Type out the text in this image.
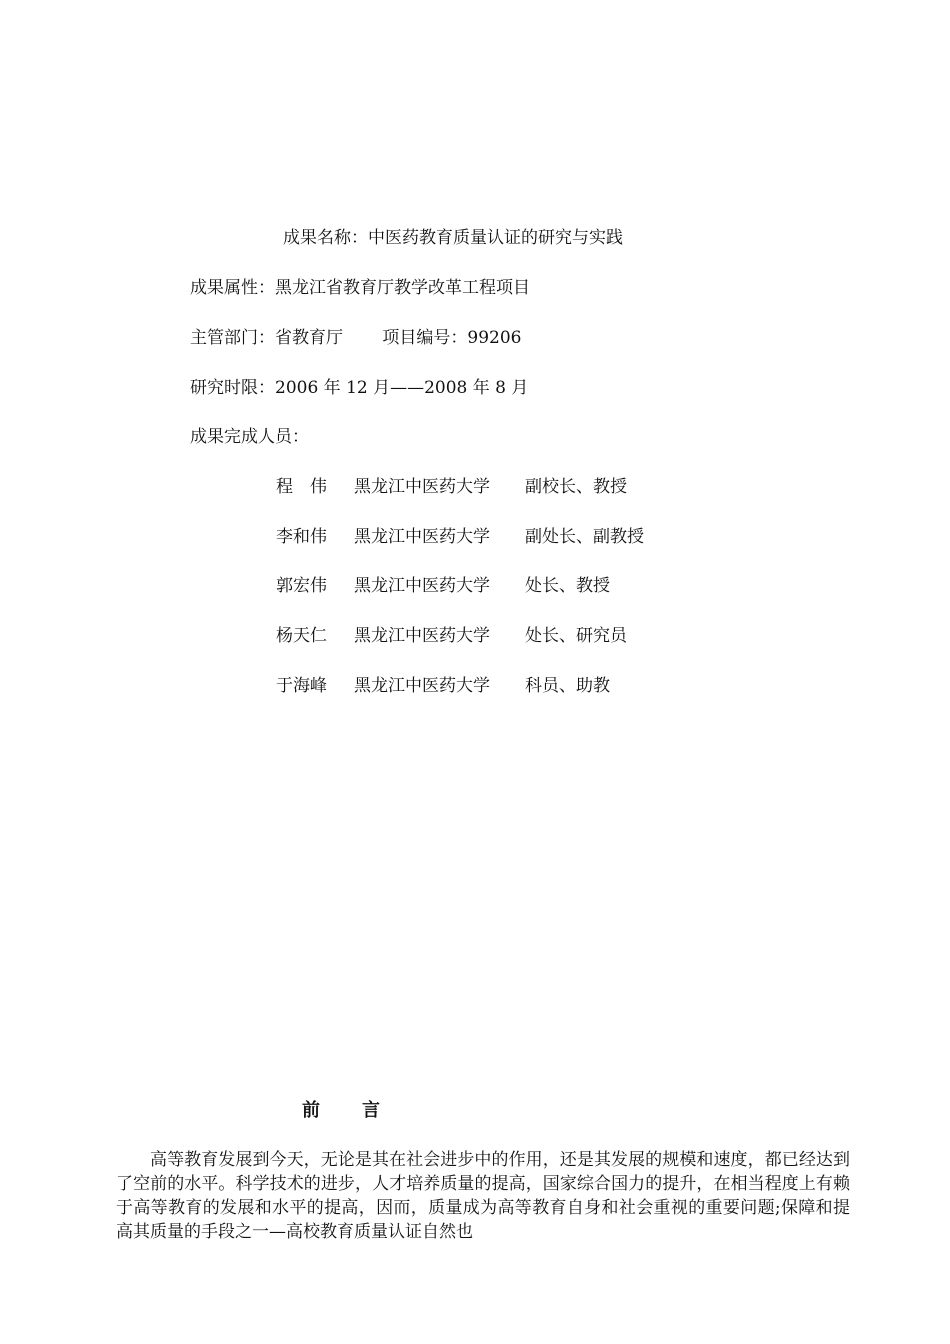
成果名称：中医药教育质量认证的研究与实践
成果属性：黑龙江省教育厅教学改革工程项目
主管部门：省教育厅　　 项目编号：99206
研究时限：2006 年 12 月——2008 年 8 月
成果完成人员：
程　伟 黑龙江中医药大学 副校长、教授
李和伟 黑龙江中医药大学 副处长、副教授
郭宏伟 黑龙江中医药大学 处长、教授
杨天仁 黑龙江中医药大学 处长、研究员
于海峰 黑龙江中医药大学 科员、助教
前　　言
高等教育发展到今天，无论是其在社会进步中的作用，还是其发展的规模和速度，都已经达到了空前的水平。科学技术的进步，人才培养质量的提高，国家综合国力的提升，在相当程度上有赖于高等教育的发展和水平的提高，因而，质量成为高等教育自身和社会重视的重要问题;保障和提高其质量的手段之一—高校教育质量认证自然也
